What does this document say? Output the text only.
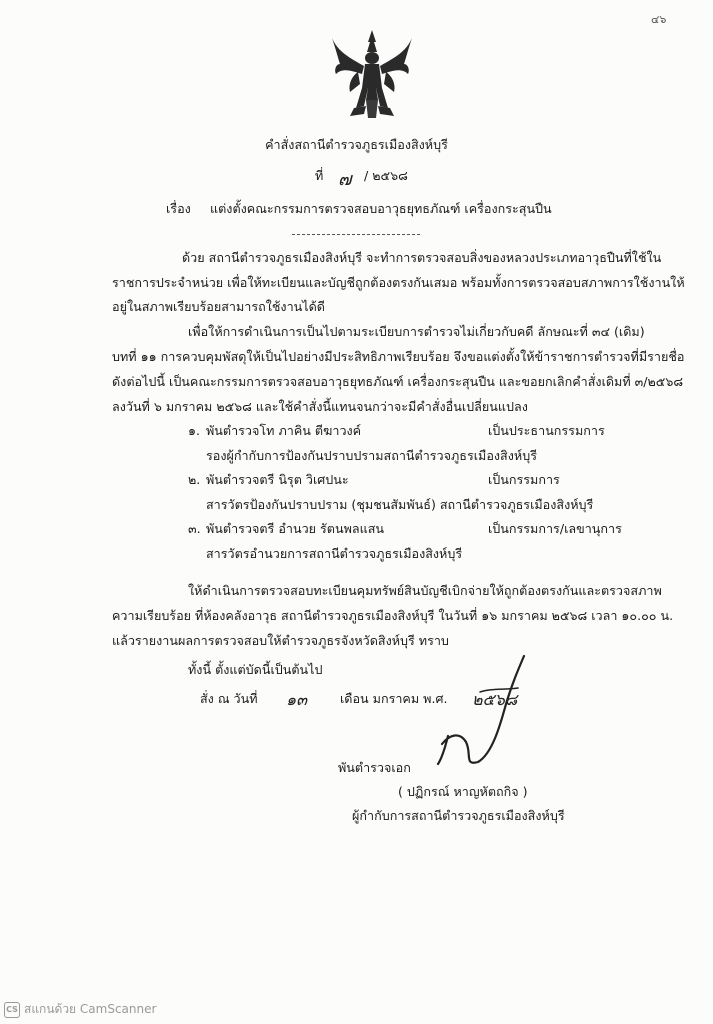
๔๖
คำสั่งสถานีตำรวจภูธรเมืองสิงห์บุรี
ที่ ๗ / ๒๕๖๘
เรื่อง แต่งตั้งคณะกรรมการตรวจสอบอาวุธยุทธภัณฑ์ เครื่องกระสุนปืน
ด้วย สถานีตำรวจภูธรเมืองสิงห์บุรี จะทำการตรวจสอบสิ่งของหลวงประเภทอาวุธปืนที่ใช้ใน
ราชการประจำหน่วย เพื่อให้ทะเบียนและบัญชีถูกต้องตรงกันเสมอ พร้อมทั้งการตรวจสอบสภาพการใช้งานให้
อยู่ในสภาพเรียบร้อยสามารถใช้งานได้ดี
เพื่อให้การดำเนินการเป็นไปตามระเบียบการตำรวจไม่เกี่ยวกับคดี ลักษณะที่ ๓๔ (เดิม)
บทที่ ๑๑ การควบคุมพัสดุให้เป็นไปอย่างมีประสิทธิภาพเรียบร้อย จึงขอแต่งตั้งให้ข้าราชการตำรวจที่มีรายชื่อ
ดังต่อไปนี้ เป็นคณะกรรมการตรวจสอบอาวุธยุทธภัณฑ์ เครื่องกระสุนปืน และขอยกเลิกคำสั่งเดิมที่ ๓/๒๕๖๘
ลงวันที่ ๖ มกราคม ๒๕๖๘ และใช้คำสั่งนี้แทนจนกว่าจะมีคำสั่งอื่นเปลี่ยนแปลง
๑. พันตำรวจโท ภาคิน ตีฆาวงค์	เป็นประธานกรรมการ
รองผู้กำกับการป้องกันปราบปรามสถานีตำรวจภูธรเมืองสิงห์บุรี
๒. พันตำรวจตรี นิรุต วิเศปนะ	เป็นกรรมการ
สารวัตรป้องกันปราบปราม (ชุมชนสัมพันธ์) สถานีตำรวจภูธรเมืองสิงห์บุรี
๓. พันตำรวจตรี อำนวย รัตนพลแสน	เป็นกรรมการ/เลขานุการ
สารวัตรอำนวยการสถานีตำรวจภูธรเมืองสิงห์บุรี
ให้ดำเนินการตรวจสอบทะเบียนคุมทรัพย์สินบัญชีเบิกจ่ายให้ถูกต้องตรงกันและตรวจสภาพ
ความเรียบร้อย ที่ห้องคลังอาวุธ สถานีตำรวจภูธรเมืองสิงห์บุรี ในวันที่ ๑๖ มกราคม ๒๕๖๘ เวลา ๑๐.๐๐ น.
แล้วรายงานผลการตรวจสอบให้ตำรวจภูธรจังหวัดสิงห์บุรี ทราบ
ทั้งนี้ ตั้งแต่บัดนี้เป็นต้นไป
สั่ง ณ วันที่ ๑๓	เดือน มกราคม พ.ศ. ๒๕๖๘
พันตำรวจเอก
( ปฏิกรณ์ หาญหัตถกิจ )
ผู้กำกับการสถานีตำรวจภูธรเมืองสิงห์บุรี
CS สแกนด้วย CamScanner
